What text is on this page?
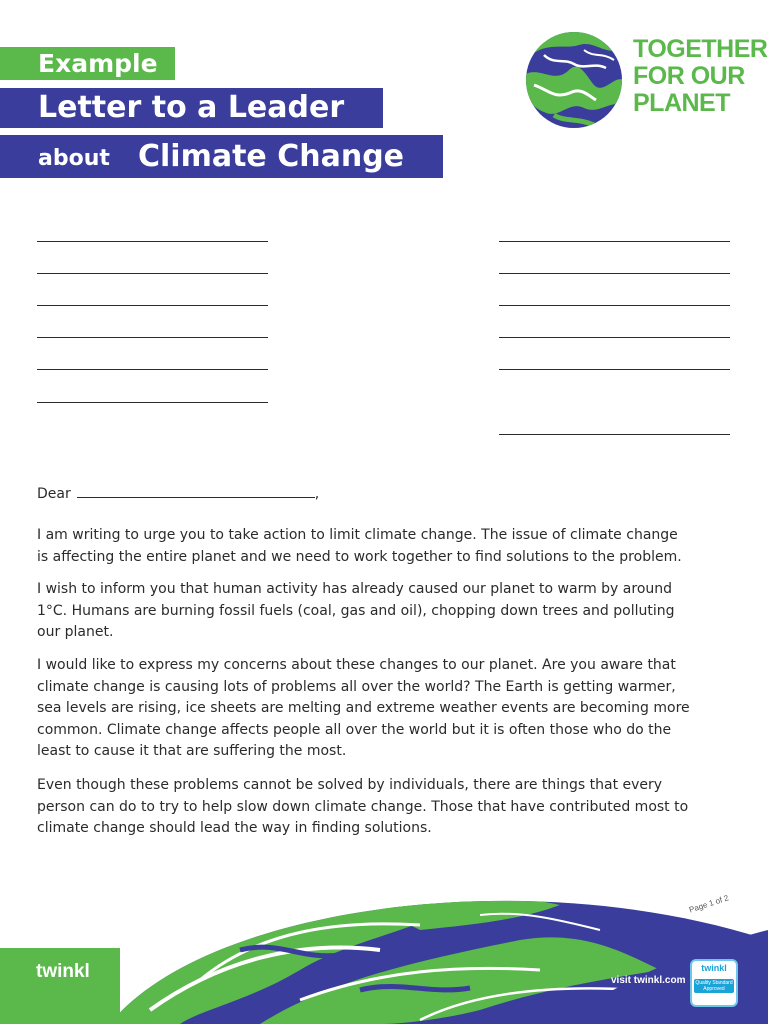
Example
Letter to a Leader
about Climate Change
TOGETHER
FOR OUR
PLANET
Dear	,
I am writing to urge you to take action to limit climate change. The issue of climate change
is affecting the entire planet and we need to work together to find solutions to the problem.
I wish to inform you that human activity has already caused our planet to warm by around
1°C. Humans are burning fossil fuels (coal, gas and oil), chopping down trees and polluting
our planet.
I would like to express my concerns about these changes to our planet. Are you aware that
climate change is causing lots of problems all over the world? The Earth is getting warmer,
sea levels are rising, ice sheets are melting and extreme weather events are becoming more
common. Climate change affects people all over the world but it is often those who do the
least to cause it that are suffering the most.
Even though these problems cannot be solved by individuals, there are things that every
person can do to try to help slow down climate change. Those that have contributed most to
climate change should lead the way in finding solutions.
twinkl
Page 1 of 2
visit twinkl.com
twinkl
Quality Standard
Approved
